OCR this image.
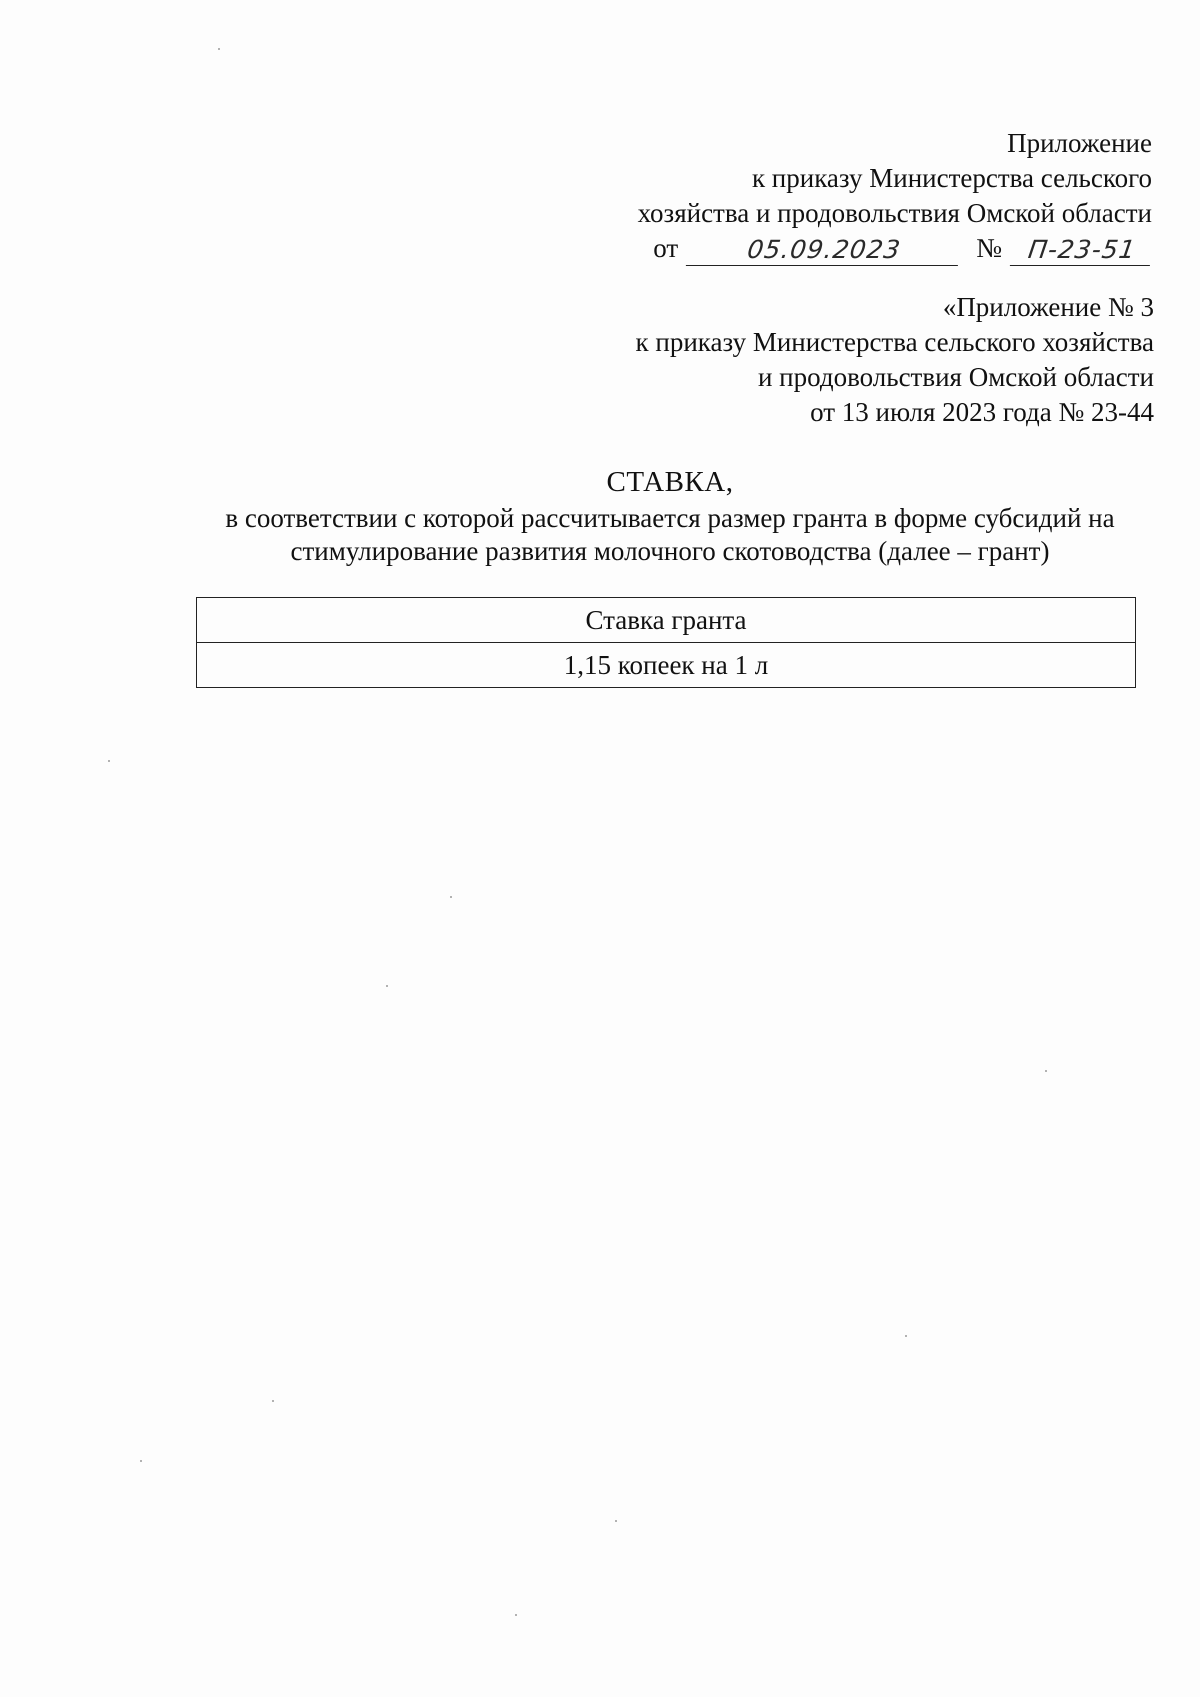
Приложение
к приказу Министерства сельского
хозяйства и продовольствия Омской области
от	05.09.2023	№ П-23-51
«Приложение № 3
к приказу Министерства сельского хозяйства
и продовольствия Омской области
от 13 июля 2023 года № 23-44
СТАВКА,
в соответствии с которой рассчитывается размер гранта в форме субсидий на
стимулирование развития молочного скотоводства (далее – грант)
Ставка гранта
1,15 копеек на 1 л
